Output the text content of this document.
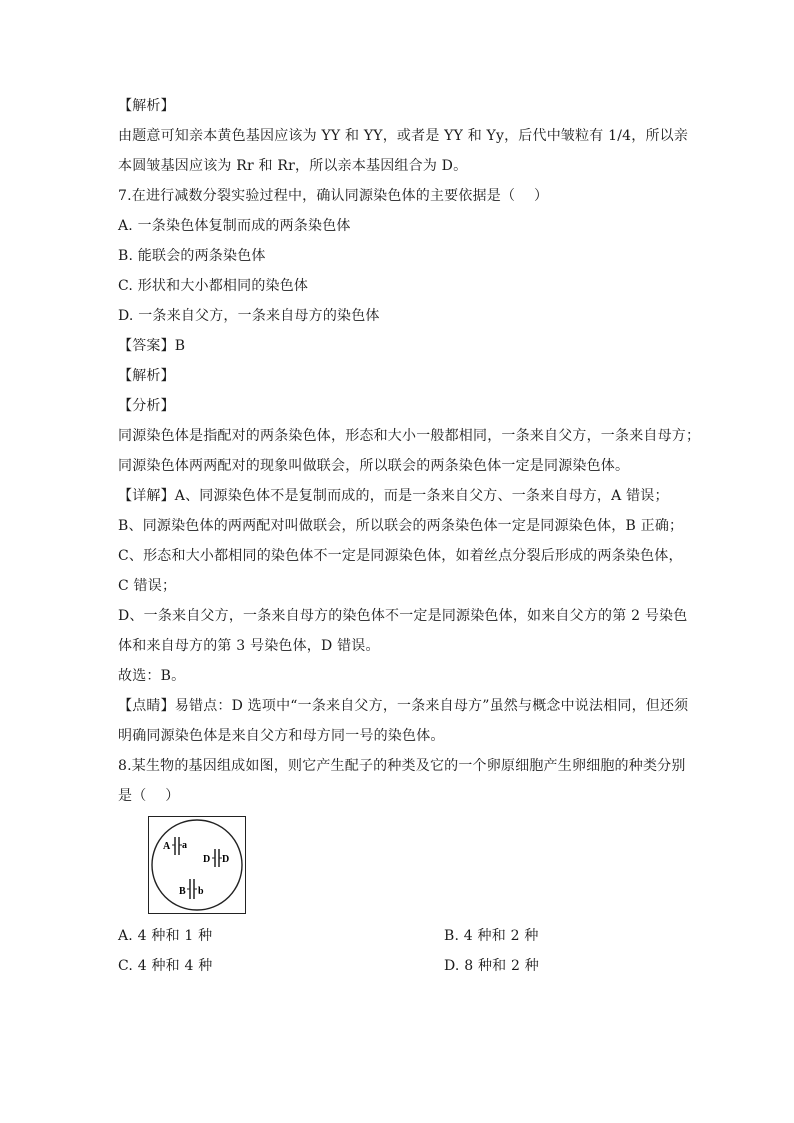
【解析】
由题意可知亲本黄色基因应该为 YY 和 YY，或者是 YY 和 Yy，后代中皱粒有 1/4，所以亲
本圆皱基因应该为 Rr 和 Rr，所以亲本基因组合为 D。
7.在进行减数分裂实验过程中，确认同源染色体的主要依据是（　 ）
A. 一条染色体复制而成的两条染色体
B. 能联会的两条染色体
C. 形状和大小都相同的染色体
D. 一条来自父方，一条来自母方的染色体
【答案】B
【解析】
【分析】
同源染色体是指配对的两条染色体，形态和大小一般都相同，一条来自父方，一条来自母方；
同源染色体两两配对的现象叫做联会，所以联会的两条染色体一定是同源染色体。
【详解】A、同源染色体不是复制而成的，而是一条来自父方、一条来自母方，A 错误；
B、同源染色体的两两配对叫做联会，所以联会的两条染色体一定是同源染色体，B 正确；
C、形态和大小都相同的染色体不一定是同源染色体，如着丝点分裂后形成的两条染色体，
C 错误；
D、一条来自父方，一条来自母方的染色体不一定是同源染色体，如来自父方的第 2 号染色
体和来自母方的第 3 号染色体，D 错误。
故选：B。
【点睛】易错点：D 选项中“一条来自父方，一条来自母方”虽然与概念中说法相同，但还须
明确同源染色体是来自父方和母方同一号的染色体。
8.某生物的基因组成如图，则它产生配子的种类及它的一个卵原细胞产生卵细胞的种类分别
是（　 ）
A a
D D
B b
A. 4 种和 1 种	B. 4 种和 2 种
C. 4 种和 4 种	D. 8 种和 2 种
